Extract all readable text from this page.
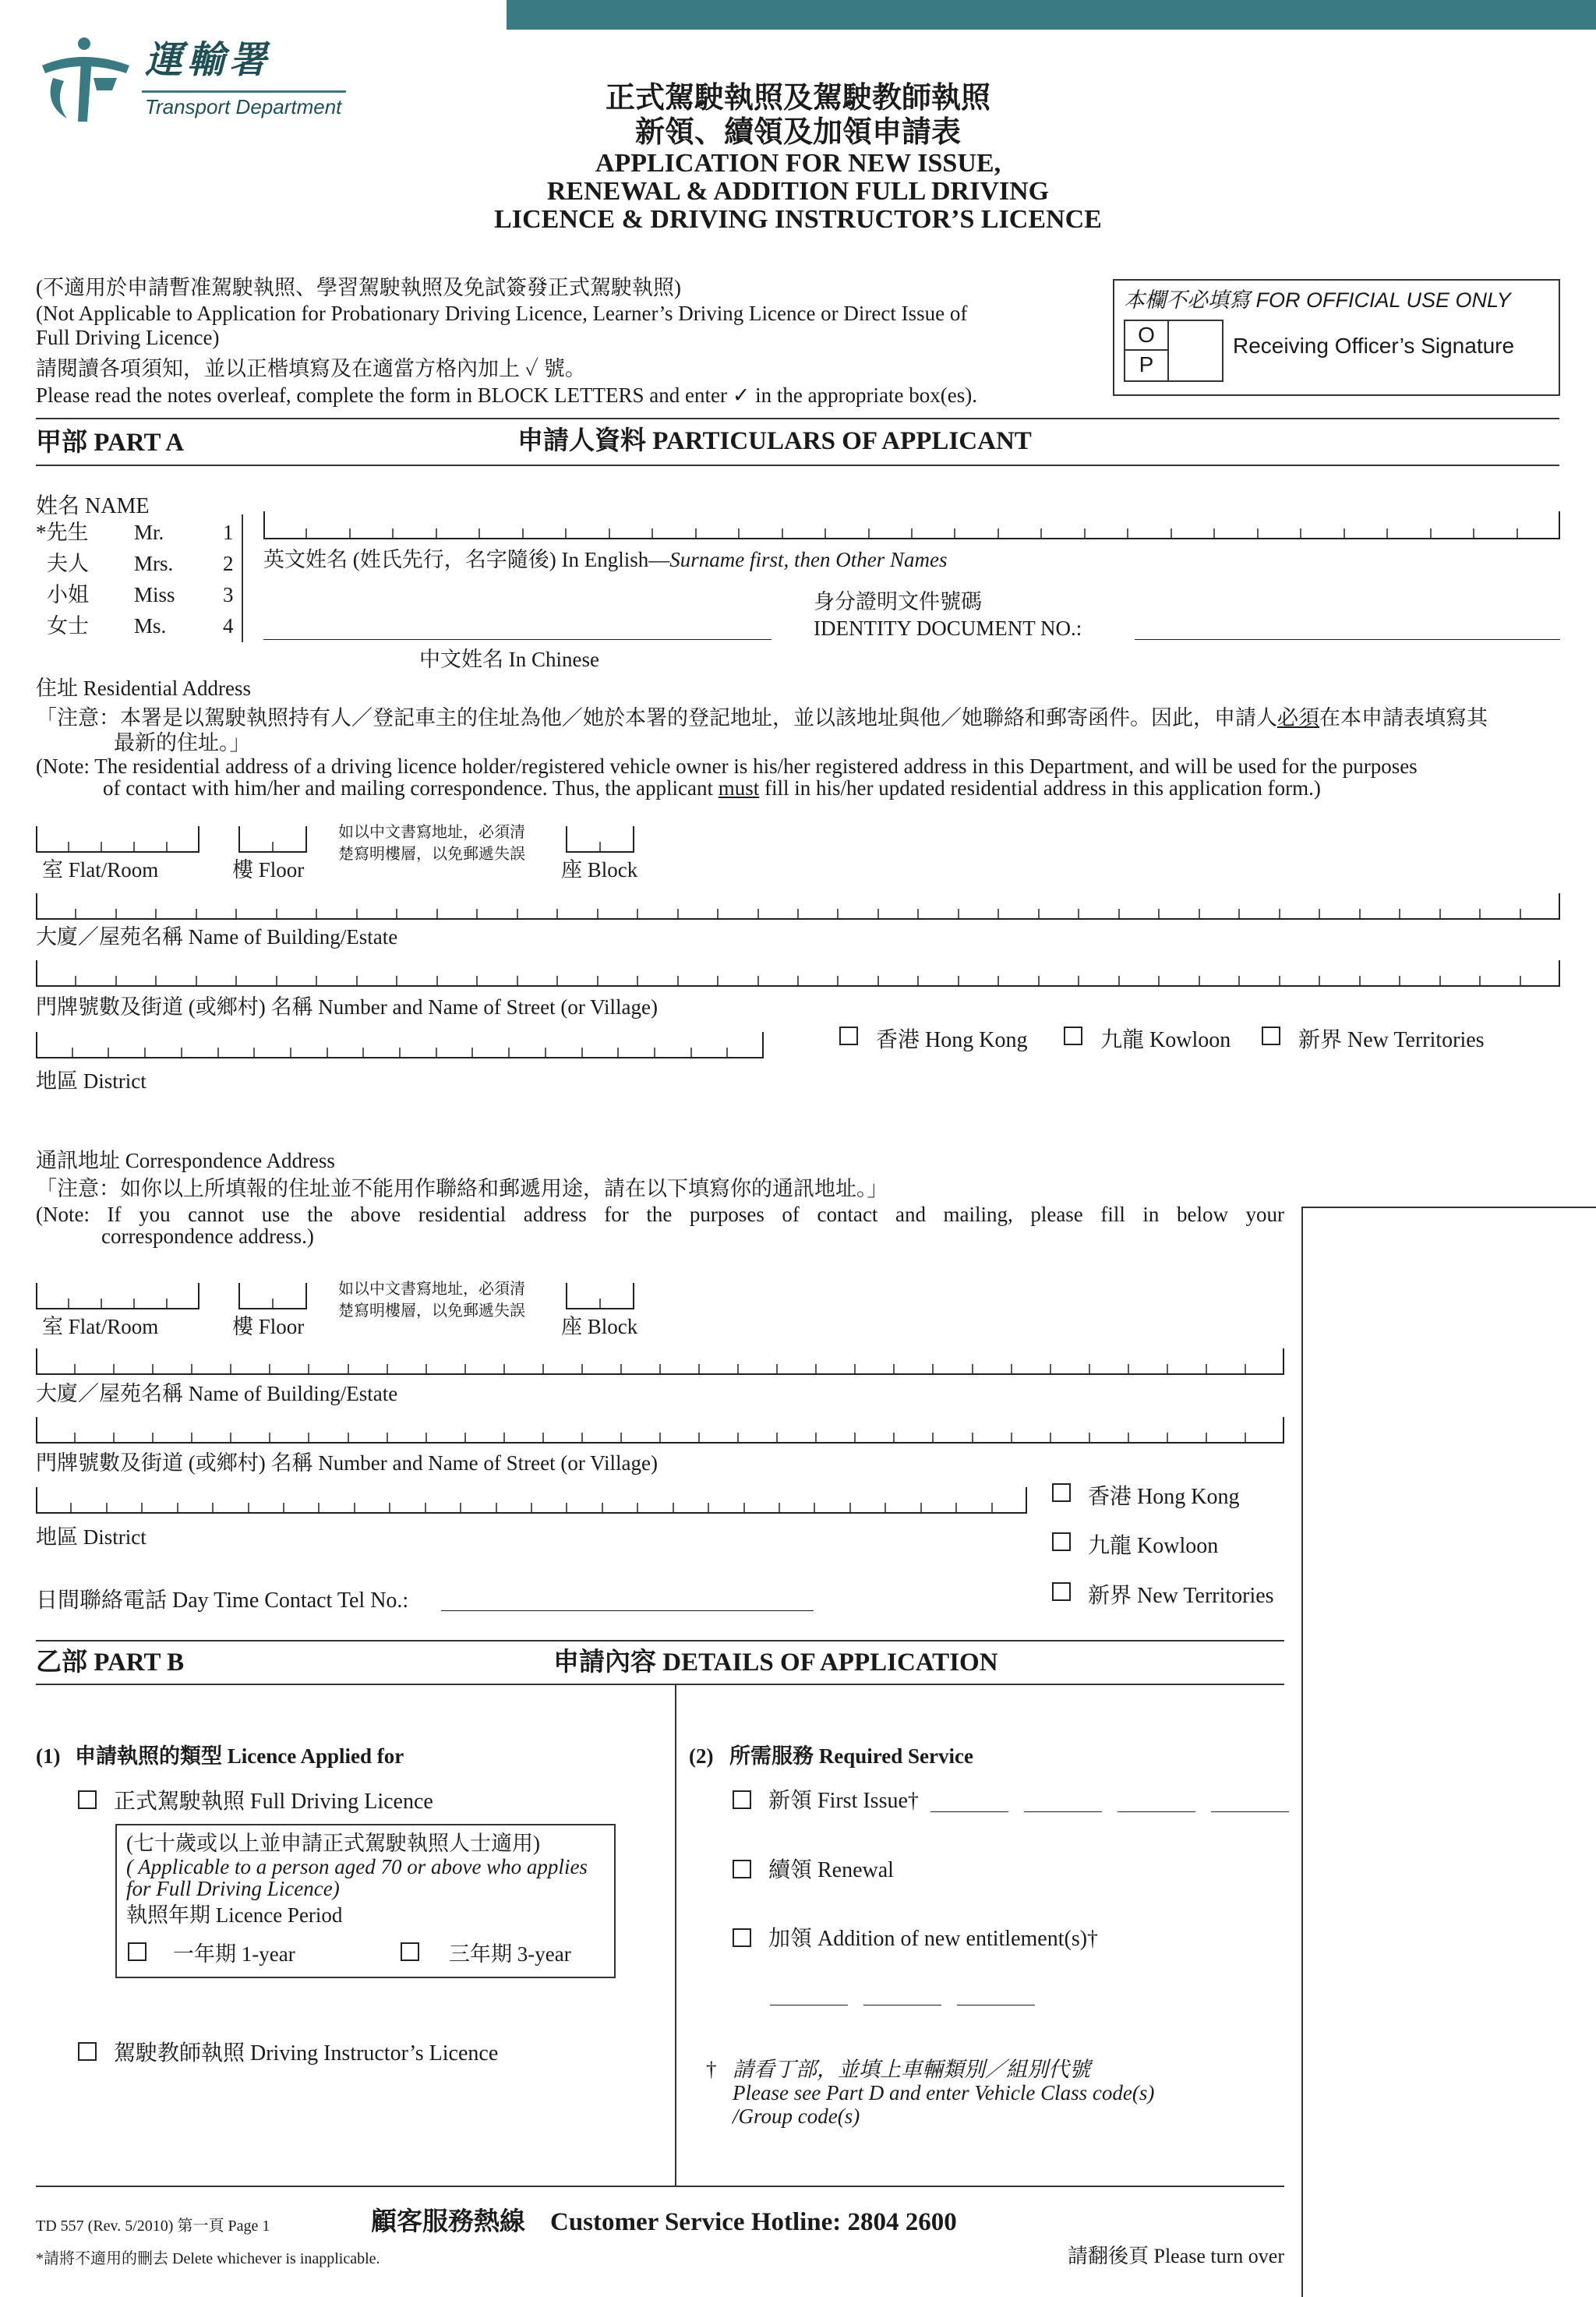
運輸署
Transport Department	正式駕駛執照及駕駛教師執照
新領、續領及加領申請表
APPLICATION FOR NEW ISSUE,
RENEWAL & ADDITION FULL DRIVING
LICENCE & DRIVING INSTRUCTOR’S LICENCE
(不適用於申請暫准駕駛執照、學習駕駛執照及免試簽發正式駕駛執照)
(Not Applicable to Application for Probationary Driving Licence, Learner’s Driving Licence or Direct Issue of
Full Driving Licence)
請閱讀各項須知，並以正楷填寫及在適當方格內加上 ✓ 號。
Please read the notes overleaf, complete the form in BLOCK LETTERS and enter ✓ in the appropriate box(es).
本欄不必填寫 FOR OFFICIAL USE ONLY
O
P
Receiving Officer’s Signature
甲部 PART A	申請人資料 PARTICULARS OF APPLICANT
姓名 NAME
*先生 Mr.	1
夫人 Mrs. 2
小姐 Miss 3
女士 Ms.	4
英文姓名 (姓氏先行，名字隨後) In English—Surname first, then Other Names
身分證明文件號碼
IDENTITY DOCUMENT NO.:
中文姓名 In Chinese
住址 Residential Address
「注意：本署是以駕駛執照持有人／登記車主的住址為他／她於本署的登記地址，並以該地址與他／她聯絡和郵寄函件。因此，申請人必須在本申請表填寫其
最新的住址。」
(Note: The residential address of a driving licence holder/registered vehicle owner is his/her registered address in this Department, and will be used for the purposes
of contact with him/her and mailing correspondence. Thus, the applicant must fill in his/her updated residential address in this application form.)
如以中文書寫地址，必須清
楚寫明樓層，以免郵遞失誤
室 Flat/Room	樓 Floor	座 Block
大廈／屋苑名稱 Name of Building/Estate
門牌號數及街道 (或鄉村) 名稱 Number and Name of Street (or Village)
地區 District
香港 Hong Kong	九龍 Kowloon	新界 New Territories
通訊地址 Correspondence Address
「注意：如你以上所填報的住址並不能用作聯絡和郵遞用途，請在以下填寫你的通訊地址。」
(Note: If you cannot use the above residential address for the purposes of contact and mailing, please fill in below your
correspondence address.)
如以中文書寫地址，必須清
楚寫明樓層，以免郵遞失誤
室 Flat/Room	樓 Floor	座 Block
大廈／屋苑名稱 Name of Building/Estate
門牌號數及街道 (或鄉村) 名稱 Number and Name of Street (or Village)
地區 District
香港 Hong Kong
九龍 Kowloon
新界 New Territories
日間聯絡電話 Day Time Contact Tel No.:
乙部 PART B	申請內容 DETAILS OF APPLICATION
(1) 申請執照的類型 Licence Applied for
正式駕駛執照 Full Driving Licence
(七十歲或以上並申請正式駕駛執照人士適用)
( Applicable to a person aged 70 or above who applies
for Full Driving Licence)
執照年期 Licence Period
一年期 1-year	三年期 3-year
駕駛教師執照 Driving Instructor’s Licence
(2) 所需服務 Required Service
新領 First Issue†
續領 Renewal
加領 Addition of new entitlement(s)†
† 請看丁部，並填上車輛類別／組別代號
Please see Part D and enter Vehicle Class code(s)
/Group code(s)
TD 557 (Rev. 5/2010) 第一頁 Page 1	顧客服務熱線 Customer Service Hotline: 2804 2600
*請將不適用的刪去 Delete whichever is inapplicable.	請翻後頁 Please turn over
